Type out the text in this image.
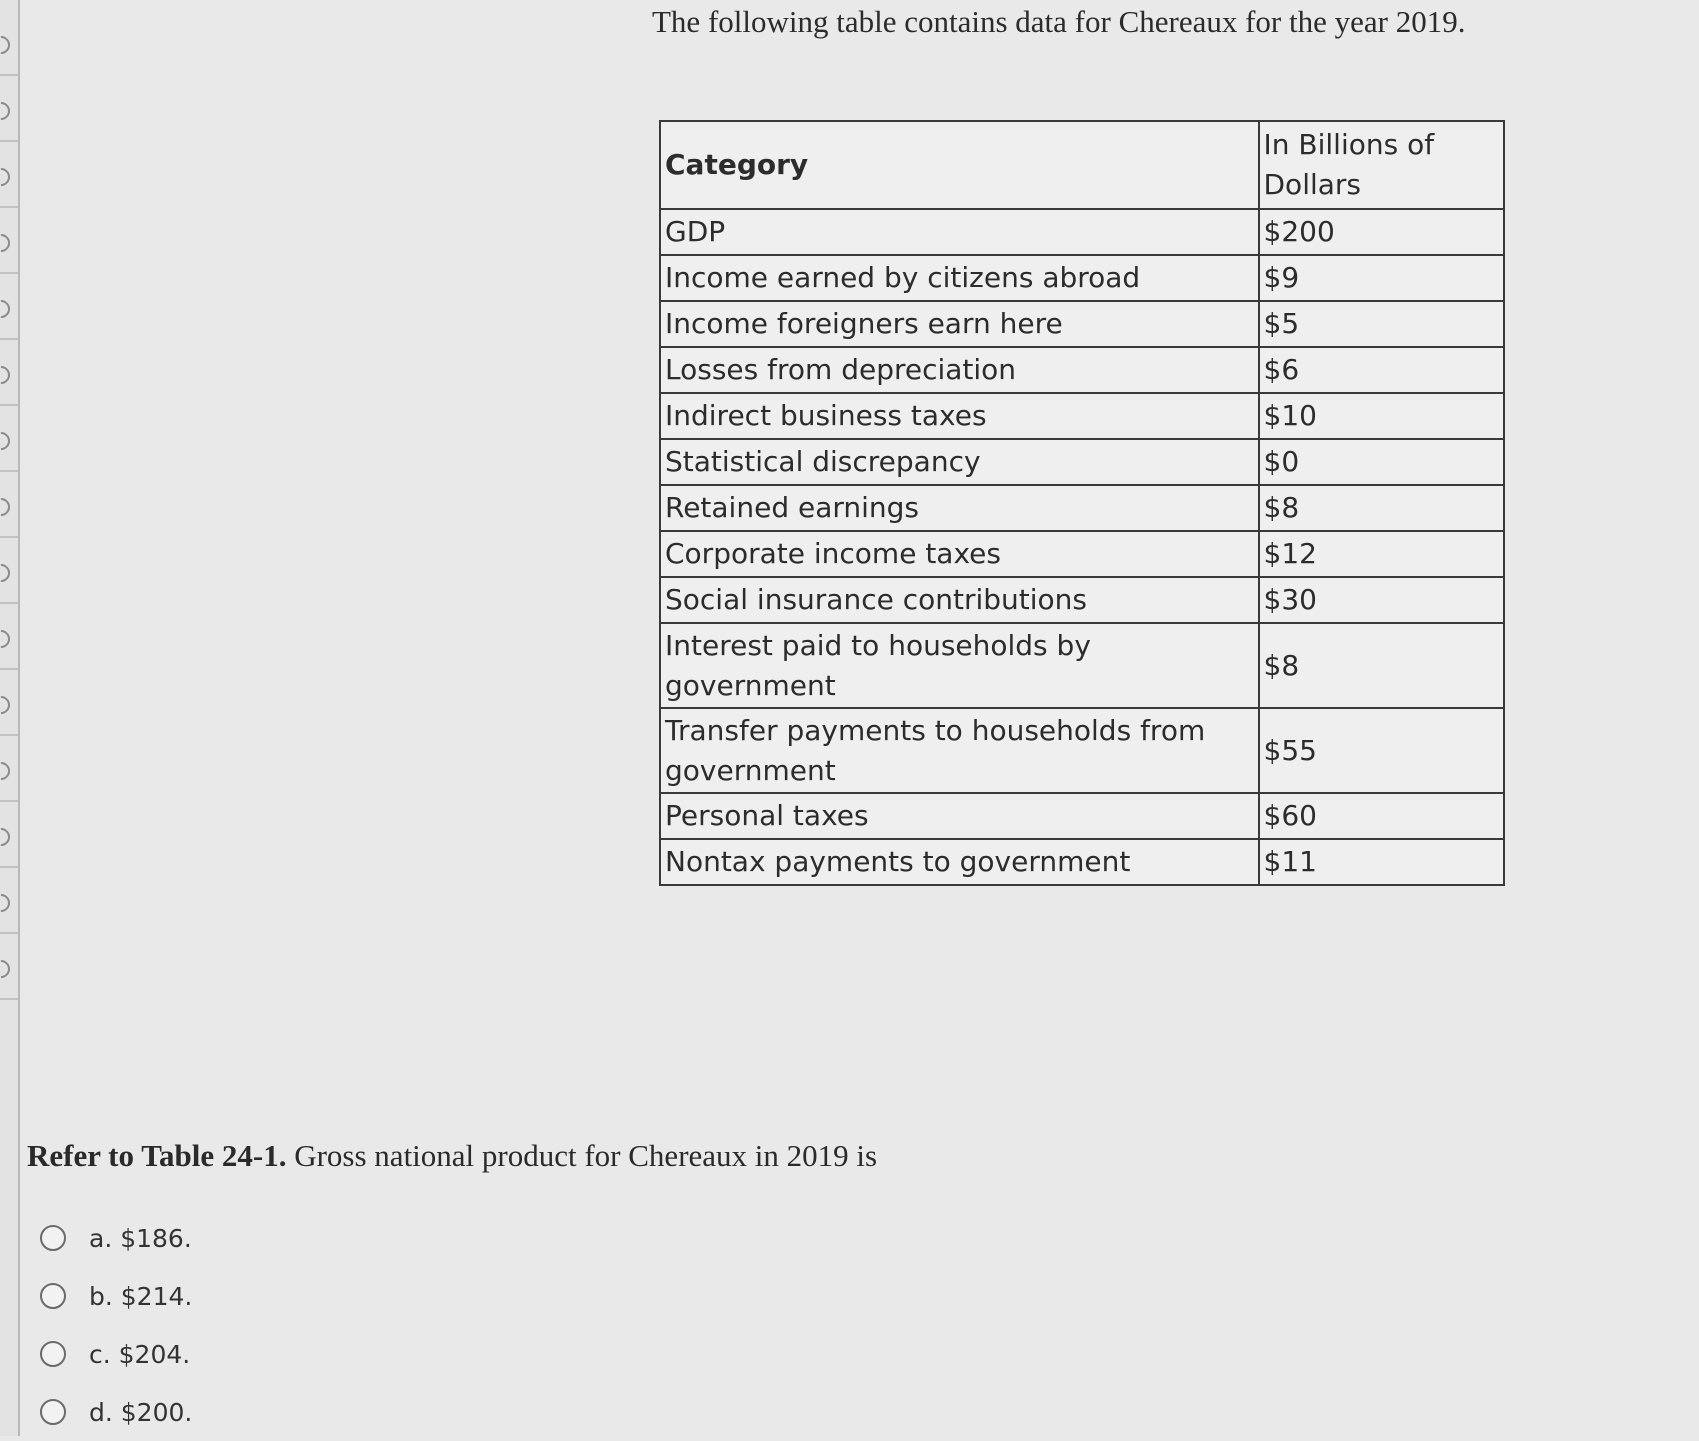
The following table contains data for Chereaux for the year 2019.
Category	In Billions of Dollars
GDP	$200
Income earned by citizens abroad	$9
Income foreigners earn here	$5
Losses from depreciation	$6
Indirect business taxes	$10
Statistical discrepancy	$0
Retained earnings	$8
Corporate income taxes	$12
Social insurance contributions	$30
Interest paid to households by government	$8
Transfer payments to households from government	$55
Personal taxes	$60
Nontax payments to government	$11
Refer to Table 24-1. Gross national product for Chereaux in 2019 is
a. $186.
b. $214.
c. $204.
d. $200.
